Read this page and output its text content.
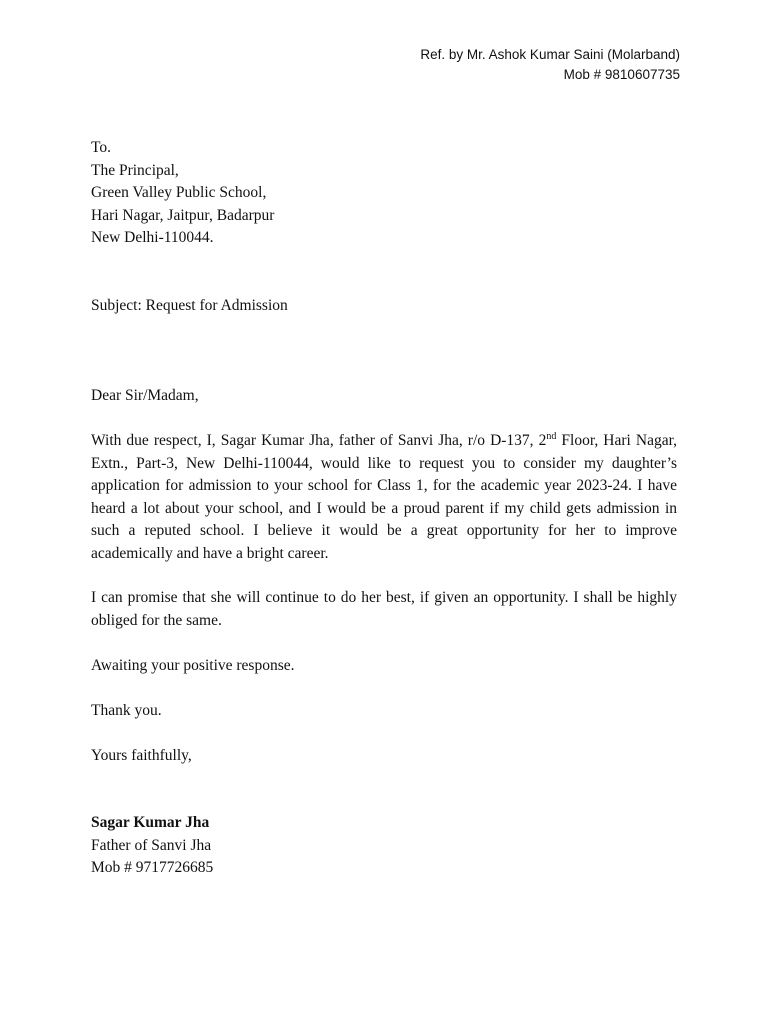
Ref. by Mr. Ashok Kumar Saini (Molarband)
Mob # 9810607735
To.
The Principal,
Green Valley Public School,
Hari Nagar, Jaitpur, Badarpur
New Delhi-110044.
Subject: Request for Admission
Dear Sir/Madam,
With due respect, I, Sagar Kumar Jha, father of Sanvi Jha, r/o D-137, 2nd Floor, Hari Nagar, Extn., Part-3, New Delhi-110044, would like to request you to consider my daughter’s application for admission to your school for Class 1, for the academic year 2023-24. I have heard a lot about your school, and I would be a proud parent if my child gets admission in such a reputed school. I believe it would be a great opportunity for her to improve academically and have a bright career.
I can promise that she will continue to do her best, if given an opportunity. I shall be highly obliged for the same.
Awaiting your positive response.
Thank you.
Yours faithfully,
Sagar Kumar Jha
Father of Sanvi Jha
Mob # 9717726685
